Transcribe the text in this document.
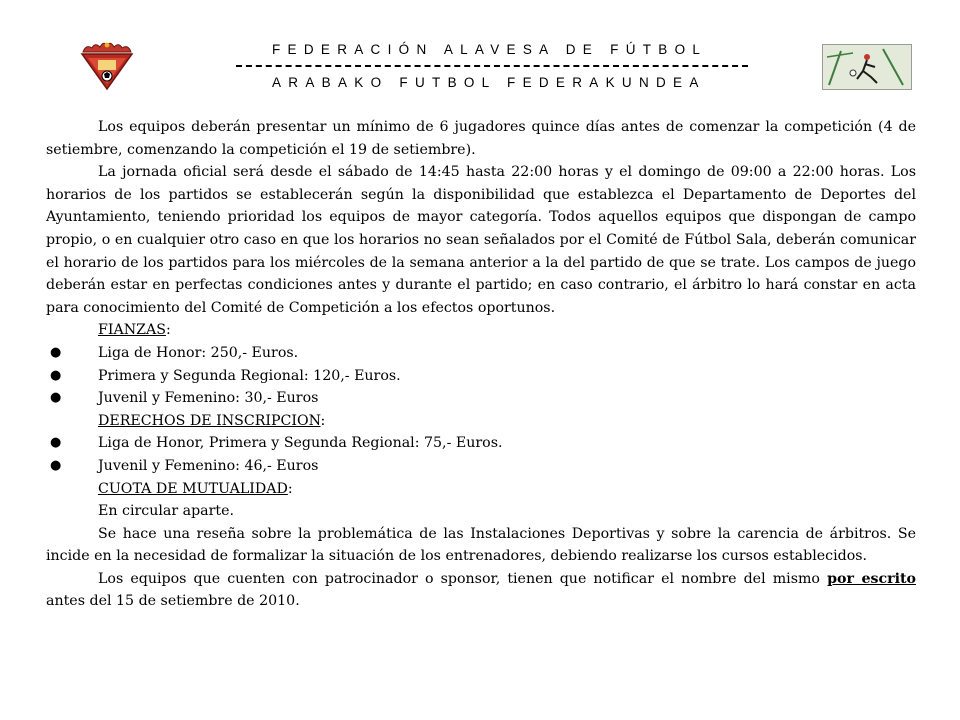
FEDERACIÓN ALAVESA DE FÚTBOL
ARABAKO FUTBOL FEDERAKUNDEA

Los equipos deberán presentar un mínimo de 6 jugadores quince días antes de comenzar la competición (4 de setiembre, comenzando la competición el 19 de setiembre).

La jornada oficial será desde el sábado de 14:45 hasta 22:00 horas y el domingo de 09:00 a 22:00 horas. Los horarios de los partidos se establecerán según la disponibilidad que establezca el Departamento de Deportes del Ayuntamiento, teniendo prioridad los equipos de mayor categoría. Todos aquellos equipos que dispongan de campo propio, o en cualquier otro caso en que los horarios no sean señalados por el Comité de Fútbol Sala, deberán comunicar el horario de los partidos para los miércoles de la semana anterior a la del partido de que se trate. Los campos de juego deberán estar en perfectas condiciones antes y durante el partido; en caso contrario, el árbitro lo hará constar en acta para conocimiento del Comité de Competición a los efectos oportunos.

FIANZAS:

●	Liga de Honor: 250,- Euros.

●	Primera y Segunda Regional: 120,- Euros.

●	Juvenil y Femenino: 30,- Euros

DERECHOS DE INSCRIPCION:

●	Liga de Honor, Primera y Segunda Regional: 75,- Euros.

●	Juvenil y Femenino: 46,- Euros

CUOTA DE MUTUALIDAD:

En circular aparte.

Se hace una reseña sobre la problemática de las Instalaciones Deportivas y sobre la carencia de árbitros. Se incide en la necesidad de formalizar la situación de los entrenadores, debiendo realizarse los cursos establecidos.

Los equipos que cuenten con patrocinador o sponsor, tienen que notificar el nombre del mismo por escrito antes del 15 de setiembre de 2010.
